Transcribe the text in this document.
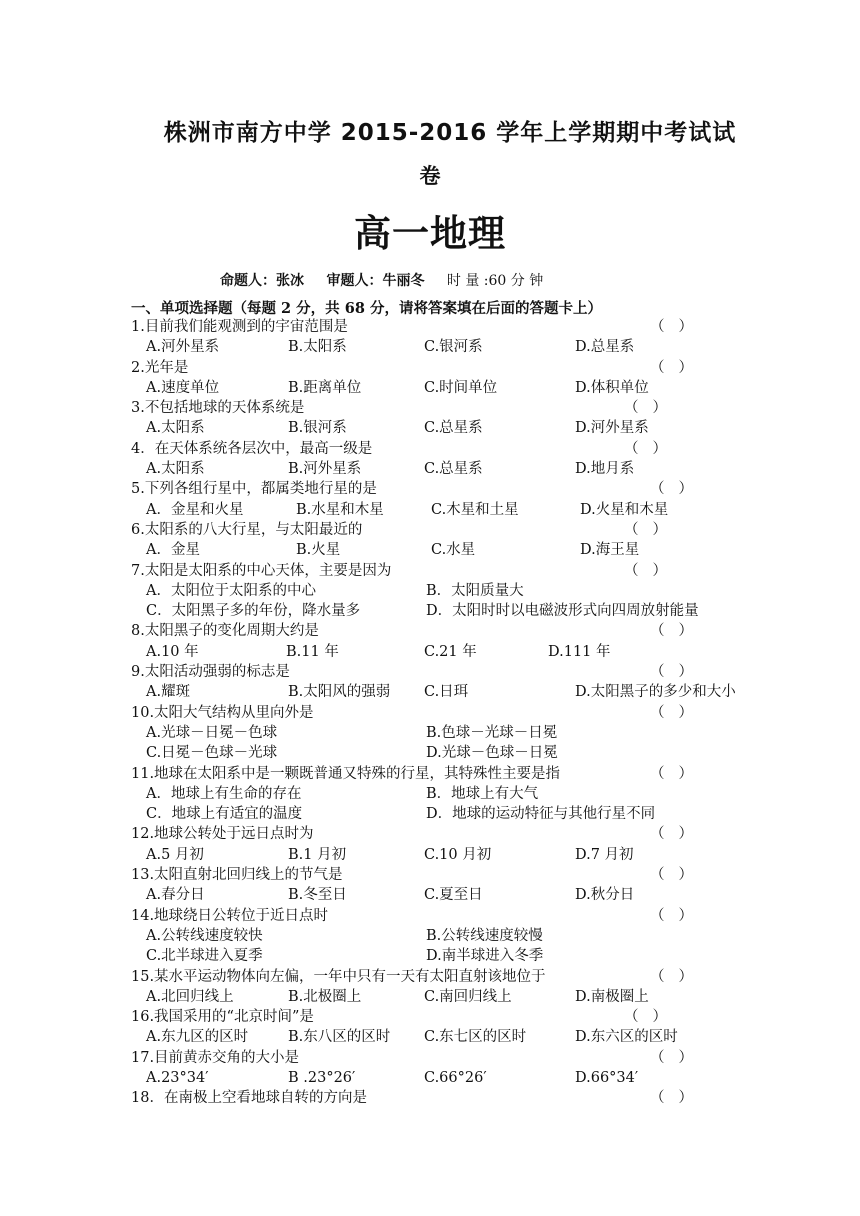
株洲市南方中学 2015-2016 学年上学期期中考试试
卷
高一地理
命题人：张冰 审题人：牛丽冬 时 量 :60 分 钟
一、单项选择题（每题 2 分，共 68 分，请将答案填在后面的答题卡上）
1.目前我们能观测到的宇宙范围是	（）
A.河外星系	B.太阳系	C.银河系	D.总星系
2.光年是	（）
A.速度单位	B.距离单位	C.时间单位	D.体积单位
3.不包括地球的天体系统是	（）
A.太阳系	B.银河系	C.总星系	D.河外星系
4．在天体系统各层次中，最高一级是	（）
A.太阳系	B.河外星系	C.总星系	D.地月系
5.下列各组行星中，都属类地行星的是	（）
A．金星和火星	B.水星和木星	C.木星和土星	D.火星和木星
6.太阳系的八大行星，与太阳最近的	（）
A．金星	B.火星	C.水星	D.海王星
7.太阳是太阳系的中心天体，主要是因为	（）
A．太阳位于太阳系的中心	B．太阳质量大
C．太阳黑子多的年份，降水量多	D．太阳时时以电磁波形式向四周放射能量
8.太阳黑子的变化周期大约是	（）
A.10 年	B.11 年	C.21 年	D.111 年
9.太阳活动强弱的标志是	（）
A.耀斑	B.太阳风的强弱 C.日珥	D.太阳黑子的多少和大小
10.太阳大气结构从里向外是	（）
A.光球－日冕－色球	B.色球－光球－日冕
C.日冕－色球－光球	D.光球－色球－日冕
11.地球在太阳系中是一颗既普通又特殊的行星，其特殊性主要是指	（）
A．地球上有生命的存在	B．地球上有大气
C．地球上有适宜的温度	D．地球的运动特征与其他行星不同
12.地球公转处于远日点时为	（）
A.5 月初	B.1 月初	C.10 月初	D.7 月初
13.太阳直射北回归线上的节气是	（）
A.春分日	B.冬至日	C.夏至日	D.秋分日
14.地球绕日公转位于近日点时	（）
A.公转线速度较快	B.公转线速度较慢
C.北半球进入夏季	D.南半球进入冬季
15.某水平运动物体向左偏，一年中只有一天有太阳直射该地位于	（）
A.北回归线上	B.北极圈上	C.南回归线上	D.南极圈上
16.我国采用的“北京时间”是	（）
A.东九区的区时	B.东八区的区时 C.东七区的区时	D.东六区的区时
17.目前黄赤交角的大小是	（）
A.23°34′	B .23°26′	C.66°26′	D.66°34′
18．在南极上空看地球自转的方向是	（）
